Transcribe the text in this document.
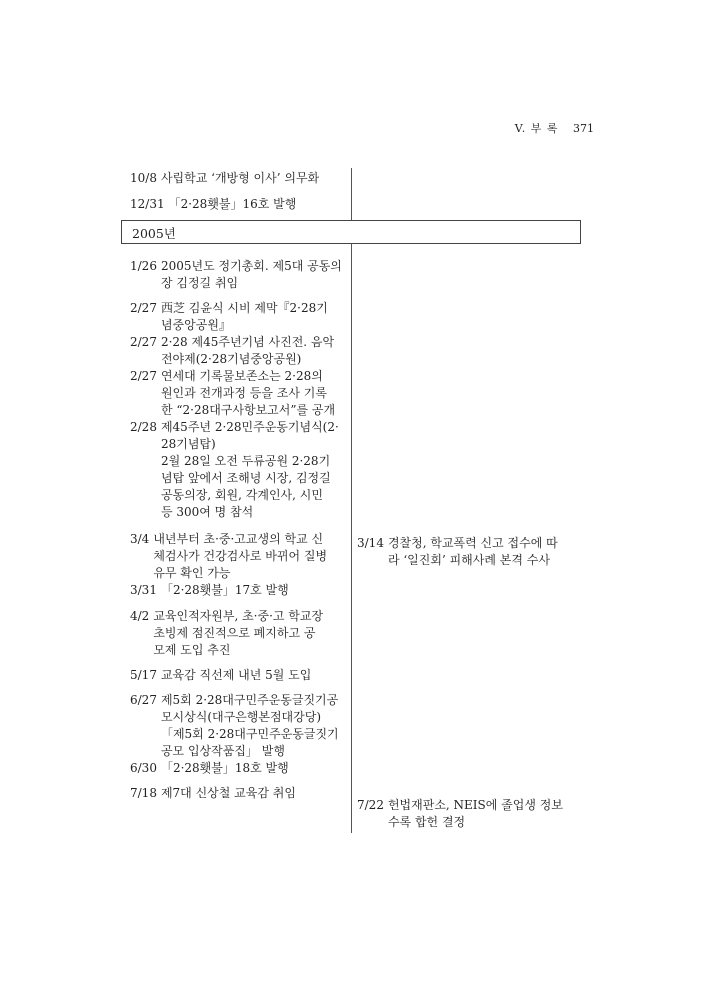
V. 부 록 371
10/8 사립학교 ‘개방형 이사’ 의무화
12/31 「2·28횃불」16호 발행
2005년
1/26 2005년도 정기총회. 제5대 공동의
장 김정길 취임
2/27 西芝 김윤식 시비 제막『2·28기
념중앙공원』
2/27 2·28 제45주년기념 사진전. 음악
전야제(2·28기념중앙공원)
2/27 연세대 기록물보존소는 2·28의
원인과 전개과정 등을 조사 기록
한 “2·28대구사항보고서”를 공개
2/28 제45주년 2·28민주운동기념식(2·
28기념탑)
2월 28일 오전 두류공원 2·28기
념탑 앞에서 조해녕 시장, 김정길
공동의장, 회원, 각계인사, 시민
등 300여 명 참석
3/4 내년부터 초·중·고교생의 학교 신
체검사가 건강검사로 바뀌어 질병
유무 확인 가능
3/31 「2·28횃불」17호 발행
4/2 교육인적자원부, 초·중·고 학교장
초빙제 점진적으로 폐지하고 공
모제 도입 추진
5/17 교육감 직선제 내년 5월 도입
6/27 제5회 2·28대구민주운동글짓기공
모시상식(대구은행본점대강당)
「제5회 2·28대구민주운동글짓기
공모 입상작품집」 발행
6/30 「2·28횃불」18호 발행
7/18 제7대 신상철 교육감 취임
3/14 경찰청, 학교폭력 신고 접수에 따
라 ‘일진회’ 피해사례 본격 수사
7/22 헌법재판소, NEIS에 졸업생 정보
수록 합헌 결정
